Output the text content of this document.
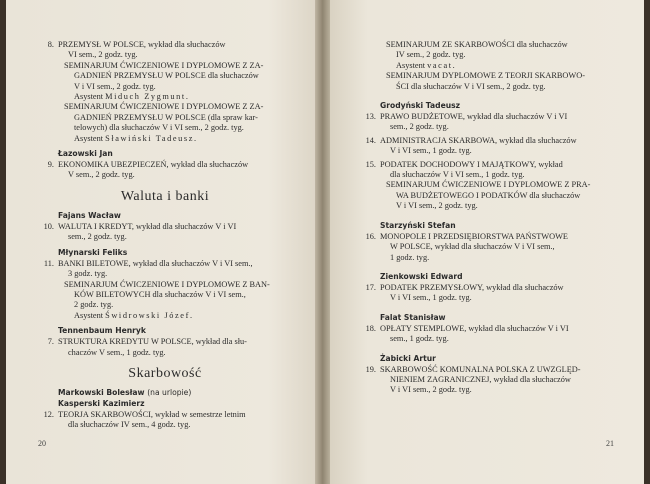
8. PRZEMYSŁ W POLSCE, wykład dla słuchaczów
VI sem., 2 godz. tyg.
SEMINARJUM ĆWICZENIOWE I DYPLOMOWE Z ZA-
GADNIEŃ PRZEMYSŁU W POLSCE dla słuchaczów
V i VI sem., 2 godz. tyg.
Asystent Miduch Zygmunt.
SEMINARJUM ĆWICZENIOWE I DYPLOMOWE Z ZA-
GADNIEŃ PRZEMYSŁU W POLSCE (dla spraw kar-
telowych) dla słuchaczów V i VI sem., 2 godz. tyg.
Asystent Sławiński Tadeusz.
Łazowski Jan
9. EKONOMIKA UBEZPIECZEŃ, wykład dla słuchaczów
V sem., 2 godz. tyg.
Waluta i banki
Fajans Wacław
10. WALUTA I KREDYT, wykład dla słuchaczów V i VI
sem., 2 godz. tyg.
Młynarski Feliks
11. BANKI BILETOWE, wykład dla słuchaczów V i VI sem.,
3 godz. tyg.
SEMINARJUM ĆWICZENIOWE I DYPLOMOWE Z BAN-
KÓW BILETOWYCH dla słuchaczów V i VI sem.,
2 godz. tyg.
Asystent Świdrowski Józef.
Tennenbaum Henryk
7. STRUKTURA KREDYTU W POLSCE, wykład dla słu-
chaczów V sem., 1 godz. tyg.
Skarbowość
Markowski Bolesław (na urlopie)
Kasperski Kazimierz
12. TEORJA SKARBOWOŚCI, wykład w semestrze letnim
dla słuchaczów IV sem., 4 godz. tyg.
20
SEMINARJUM ZE SKARBOWOŚCI dla słuchaczów
IV sem., 2 godz. tyg.
Asystent vacat.
SEMINARJUM DYPLOMOWE Z TEORJI SKARBOWO-
ŚCI dla słuchaczów V i VI sem., 2 godz. tyg.
Grodyński Tadeusz
13. PRAWO BUDŻETOWE, wykład dla słuchaczów V i VI
sem., 2 godz. tyg.
14. ADMINISTRACJA SKARBOWA, wykład dla słuchaczów
V i VI sem., 1 godz. tyg.
15. PODATEK DOCHODOWY I MAJĄTKOWY, wykład
dla słuchaczów V i VI sem., 1 godz. tyg.
SEMINARJUM ĆWICZENIOWE I DYPLOMOWE Z PRA-
WA BUDŻETOWEGO I PODATKÓW dla słuchaczów
V i VI sem., 2 godz. tyg.
Starzyński Stefan
16. MONOPOLE I PRZEDSIĘBIORSTWA PAŃSTWOWE
W POLSCE, wykład dla słuchaczów V i VI sem.,
1 godz. tyg.
Zienkowski Edward
17. PODATEK PRZEMYSŁOWY, wykład dla słuchaczów
V i VI sem., 1 godz. tyg.
Falat Stanisław
18. OPŁATY STEMPLOWE, wykład dla słuchaczów V i VI
sem., 1 godz. tyg.
Żabicki Artur
19. SKARBOWOŚĆ KOMUNALNA POLSKA Z UWZGLĘD-
NIENIEM ZAGRANICZNEJ, wykład dla słuchaczów
V i VI sem., 2 godz. tyg.
21
